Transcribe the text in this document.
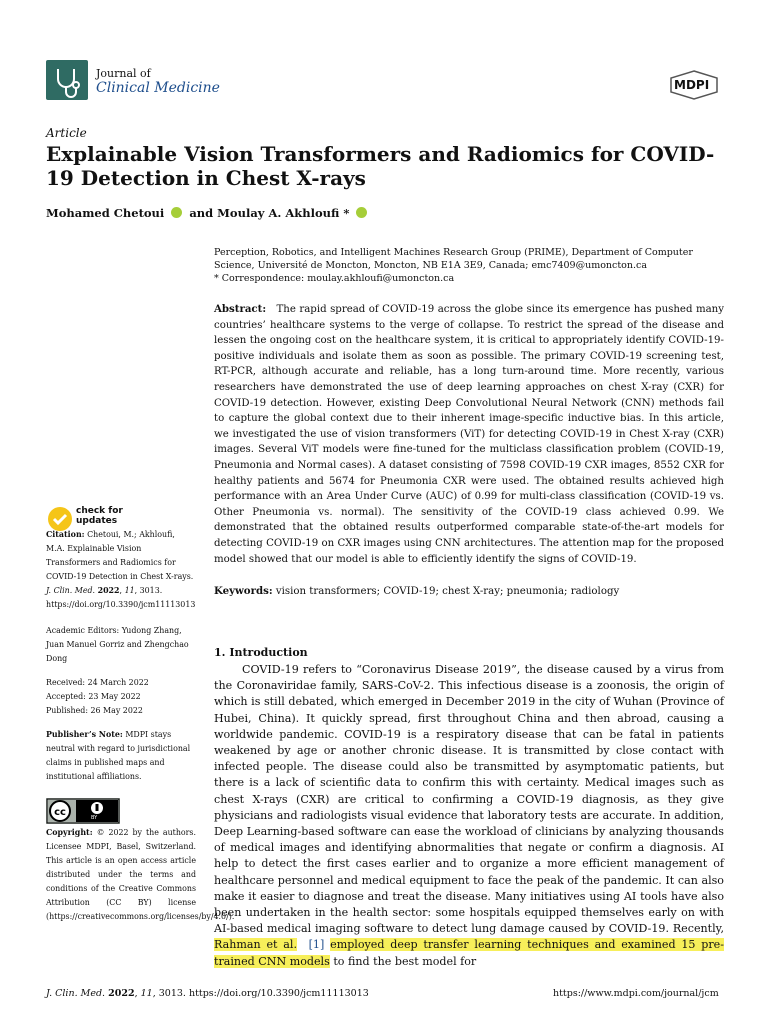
Journal of
Clinical Medicine	MDPI
Article
Explainable Vision Transformers and Radiomics for COVID-19 Detection in Chest X-rays
Mohamed Chetoui and Moulay A. Akhloufi *
Perception, Robotics, and Intelligent Machines Research Group (PRIME), Department of Computer Science, Université de Moncton, Moncton, NB E1A 3E9, Canada; emc7409@umoncton.ca
* Correspondence: moulay.akhloufi@umoncton.ca
Abstract: The rapid spread of COVID-19 across the globe since its emergence has pushed many countries’ healthcare systems to the verge of collapse. To restrict the spread of the disease and lessen the ongoing cost on the healthcare system, it is critical to appropriately identify COVID-19-positive individuals and isolate them as soon as possible. The primary COVID-19 screening test, RT-PCR, although accurate and reliable, has a long turn-around time. More recently, various researchers have demonstrated the use of deep learning approaches on chest X-ray (CXR) for COVID-19 detection. However, existing Deep Convolutional Neural Network (CNN) methods fail to capture the global context due to their inherent image-specific inductive bias. In this article, we investigated the use of vision transformers (ViT) for detecting COVID-19 in Chest X-ray (CXR) images. Several ViT models were fine-tuned for the multiclass classification problem (COVID-19, Pneumonia and Normal cases). A dataset consisting of 7598 COVID-19 CXR images, 8552 CXR for healthy patients and 5674 for Pneumonia CXR were used. The obtained results achieved high performance with an Area Under Curve (AUC) of 0.99 for multi-class classification (COVID-19 vs. Other Pneumonia vs. normal). The sensitivity of the COVID-19 class achieved 0.99. We demonstrated that the obtained results outperformed comparable state-of-the-art models for detecting COVID-19 on CXR images using CNN architectures. The attention map for the proposed model showed that our model is able to efficiently identify the signs of COVID-19.
Keywords: vision transformers; COVID-19; chest X-ray; pneumonia; radiology
1. Introduction
COVID-19 refers to “Coronavirus Disease 2019”, the disease caused by a virus from the Coronaviridae family, SARS-CoV-2. This infectious disease is a zoonosis, the origin of which is still debated, which emerged in December 2019 in the city of Wuhan (Province of Hubei, China). It quickly spread, first throughout China and then abroad, causing a worldwide pandemic. COVID-19 is a respiratory disease that can be fatal in patients weakened by age or another chronic disease. It is transmitted by close contact with infected people. The disease could also be transmitted by asymptomatic patients, but there is a lack of scientific data to confirm this with certainty. Medical images such as chest X-rays (CXR) are critical to confirming a COVID-19 diagnosis, as they give physicians and radiologists visual evidence that laboratory tests are accurate. In addition, Deep Learning-based software can ease the workload of clinicians by analyzing thousands of medical images and identifying abnormalities that negate or confirm a diagnosis. AI help to detect the first cases earlier and to organize a more efficient management of healthcare personnel and medical equipment to face the peak of the pandemic. It can also make it easier to diagnose and treat the disease. Many initiatives using AI tools have also been undertaken in the health sector: some hospitals equipped themselves early on with AI-based medical imaging software to detect lung damage caused by COVID-19. Recently, Rahman et al. [1] employed deep transfer learning techniques and examined 15 pre-trained CNN models to find the best model for
check for
updates
Citation: Chetoui, M.; Akhloufi, M.A. Explainable Vision Transformers and Radiomics for COVID-19 Detection in Chest X-rays. J. Clin. Med. 2022, 11, 3013. https://doi.org/10.3390/jcm11113013
Academic Editors: Yudong Zhang, Juan Manuel Gorriz and Zhengchao Dong
Received: 24 March 2022
Accepted: 23 May 2022
Published: 26 May 2022
Publisher’s Note: MDPI stays neutral with regard to jurisdictional claims in published maps and institutional affiliations.
cc	BY
Copyright: © 2022 by the authors. Licensee MDPI, Basel, Switzerland. This article is an open access article distributed under the terms and conditions of the Creative Commons Attribution (CC BY) license (https://creativecommons.org/licenses/by/4.0/).
J. Clin. Med. 2022, 11, 3013. https://doi.org/10.3390/jcm11113013	https://www.mdpi.com/journal/jcm
